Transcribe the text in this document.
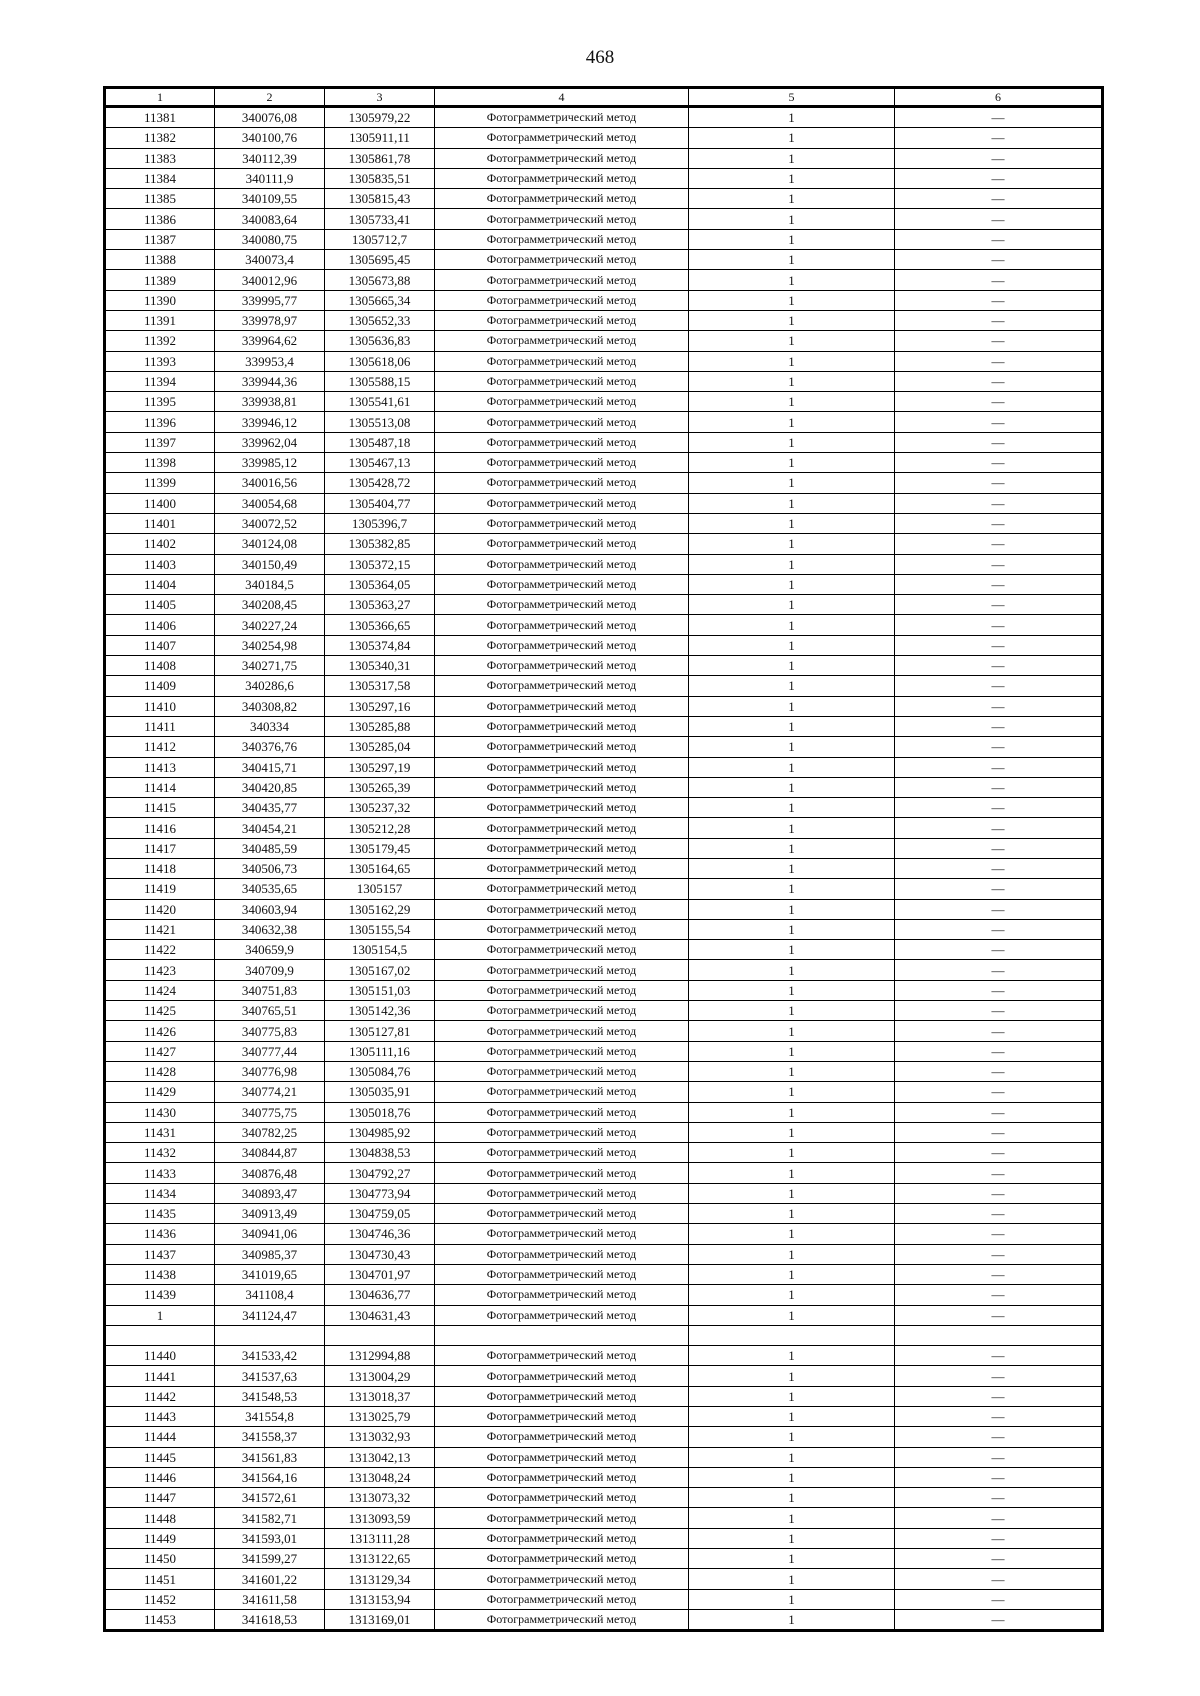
468
1	2	3	4	5	6
11381	340076,08	1305979,22	Фотограмметрический метод	1	—
11382	340100,76	1305911,11	Фотограмметрический метод	1	—
11383	340112,39	1305861,78	Фотограмметрический метод	1	—
11384	340111,9	1305835,51	Фотограмметрический метод	1	—
11385	340109,55	1305815,43	Фотограмметрический метод	1	—
11386	340083,64	1305733,41	Фотограмметрический метод	1	—
11387	340080,75	1305712,7	Фотограмметрический метод	1	—
11388	340073,4	1305695,45	Фотограмметрический метод	1	—
11389	340012,96	1305673,88	Фотограмметрический метод	1	—
11390	339995,77	1305665,34	Фотограмметрический метод	1	—
11391	339978,97	1305652,33	Фотограмметрический метод	1	—
11392	339964,62	1305636,83	Фотограмметрический метод	1	—
11393	339953,4	1305618,06	Фотограмметрический метод	1	—
11394	339944,36	1305588,15	Фотограмметрический метод	1	—
11395	339938,81	1305541,61	Фотограмметрический метод	1	—
11396	339946,12	1305513,08	Фотограмметрический метод	1	—
11397	339962,04	1305487,18	Фотограмметрический метод	1	—
11398	339985,12	1305467,13	Фотограмметрический метод	1	—
11399	340016,56	1305428,72	Фотограмметрический метод	1	—
11400	340054,68	1305404,77	Фотограмметрический метод	1	—
11401	340072,52	1305396,7	Фотограмметрический метод	1	—
11402	340124,08	1305382,85	Фотограмметрический метод	1	—
11403	340150,49	1305372,15	Фотограмметрический метод	1	—
11404	340184,5	1305364,05	Фотограмметрический метод	1	—
11405	340208,45	1305363,27	Фотограмметрический метод	1	—
11406	340227,24	1305366,65	Фотограмметрический метод	1	—
11407	340254,98	1305374,84	Фотограмметрический метод	1	—
11408	340271,75	1305340,31	Фотограмметрический метод	1	—
11409	340286,6	1305317,58	Фотограмметрический метод	1	—
11410	340308,82	1305297,16	Фотограмметрический метод	1	—
11411	340334	1305285,88	Фотограмметрический метод	1	—
11412	340376,76	1305285,04	Фотограмметрический метод	1	—
11413	340415,71	1305297,19	Фотограмметрический метод	1	—
11414	340420,85	1305265,39	Фотограмметрический метод	1	—
11415	340435,77	1305237,32	Фотограмметрический метод	1	—
11416	340454,21	1305212,28	Фотограмметрический метод	1	—
11417	340485,59	1305179,45	Фотограмметрический метод	1	—
11418	340506,73	1305164,65	Фотограмметрический метод	1	—
11419	340535,65	1305157	Фотограмметрический метод	1	—
11420	340603,94	1305162,29	Фотограмметрический метод	1	—
11421	340632,38	1305155,54	Фотограмметрический метод	1	—
11422	340659,9	1305154,5	Фотограмметрический метод	1	—
11423	340709,9	1305167,02	Фотограмметрический метод	1	—
11424	340751,83	1305151,03	Фотограмметрический метод	1	—
11425	340765,51	1305142,36	Фотограмметрический метод	1	—
11426	340775,83	1305127,81	Фотограмметрический метод	1	—
11427	340777,44	1305111,16	Фотограмметрический метод	1	—
11428	340776,98	1305084,76	Фотограмметрический метод	1	—
11429	340774,21	1305035,91	Фотограмметрический метод	1	—
11430	340775,75	1305018,76	Фотограмметрический метод	1	—
11431	340782,25	1304985,92	Фотограмметрический метод	1	—
11432	340844,87	1304838,53	Фотограмметрический метод	1	—
11433	340876,48	1304792,27	Фотограмметрический метод	1	—
11434	340893,47	1304773,94	Фотограмметрический метод	1	—
11435	340913,49	1304759,05	Фотограмметрический метод	1	—
11436	340941,06	1304746,36	Фотограмметрический метод	1	—
11437	340985,37	1304730,43	Фотограмметрический метод	1	—
11438	341019,65	1304701,97	Фотограмметрический метод	1	—
11439	341108,4	1304636,77	Фотограмметрический метод	1	—
1	341124,47	1304631,43	Фотограмметрический метод	1	—

11440	341533,42	1312994,88	Фотограмметрический метод	1	—
11441	341537,63	1313004,29	Фотограмметрический метод	1	—
11442	341548,53	1313018,37	Фотограмметрический метод	1	—
11443	341554,8	1313025,79	Фотограмметрический метод	1	—
11444	341558,37	1313032,93	Фотограмметрический метод	1	—
11445	341561,83	1313042,13	Фотограмметрический метод	1	—
11446	341564,16	1313048,24	Фотограмметрический метод	1	—
11447	341572,61	1313073,32	Фотограмметрический метод	1	—
11448	341582,71	1313093,59	Фотограмметрический метод	1	—
11449	341593,01	1313111,28	Фотограмметрический метод	1	—
11450	341599,27	1313122,65	Фотограмметрический метод	1	—
11451	341601,22	1313129,34	Фотограмметрический метод	1	—
11452	341611,58	1313153,94	Фотограмметрический метод	1	—
11453	341618,53	1313169,01	Фотограмметрический метод	1	—
